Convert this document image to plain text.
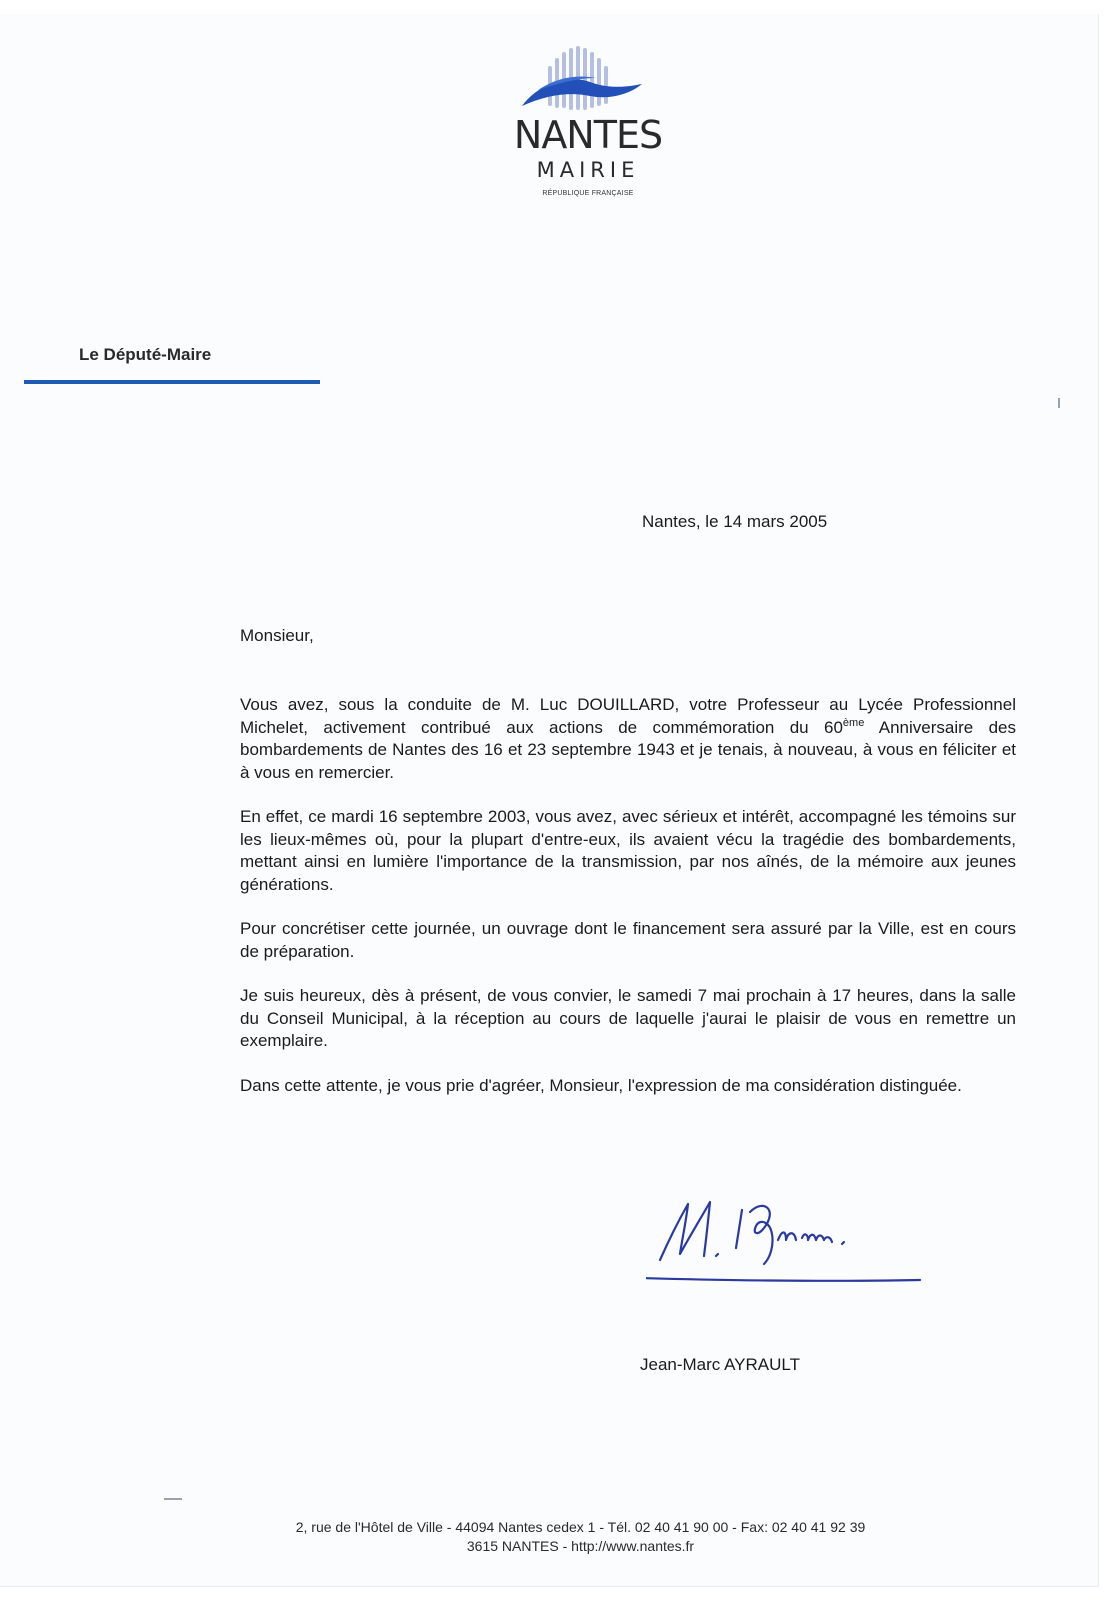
NANTES
MAIRIE
RÉPUBLIQUE FRANÇAISE
Le Député-Maire
Nantes, le 14 mars 2005
Monsieur,

Vous avez, sous la conduite de M. Luc DOUILLARD, votre Professeur au Lycée Professionnel Michelet, activement contribué aux actions de commémoration du 60ème Anniversaire des bombardements de Nantes des 16 et 23 septembre 1943 et je tenais, à nouveau, à vous en féliciter et à vous en remercier.

En effet, ce mardi 16 septembre 2003, vous avez, avec sérieux et intérêt, accompagné les témoins sur les lieux-mêmes où, pour la plupart d'entre-eux, ils avaient vécu la tragédie des bombardements, mettant ainsi en lumière l'importance de la transmission, par nos aînés, de la mémoire aux jeunes générations.

Pour concrétiser cette journée, un ouvrage dont le financement sera assuré par la Ville, est en cours de préparation.

Je suis heureux, dès à présent, de vous convier, le samedi 7 mai prochain à 17 heures, dans la salle du Conseil Municipal, à la réception au cours de laquelle j'aurai le plaisir de vous en remettre un exemplaire.

Dans cette attente, je vous prie d'agréer, Monsieur, l'expression de ma considération distinguée.

Jean-Marc AYRAULT
2, rue de l'Hôtel de Ville - 44094 Nantes cedex 1 - Tél. 02 40 41 90 00 - Fax: 02 40 41 92 39
3615 NANTES - http://www.nantes.fr
